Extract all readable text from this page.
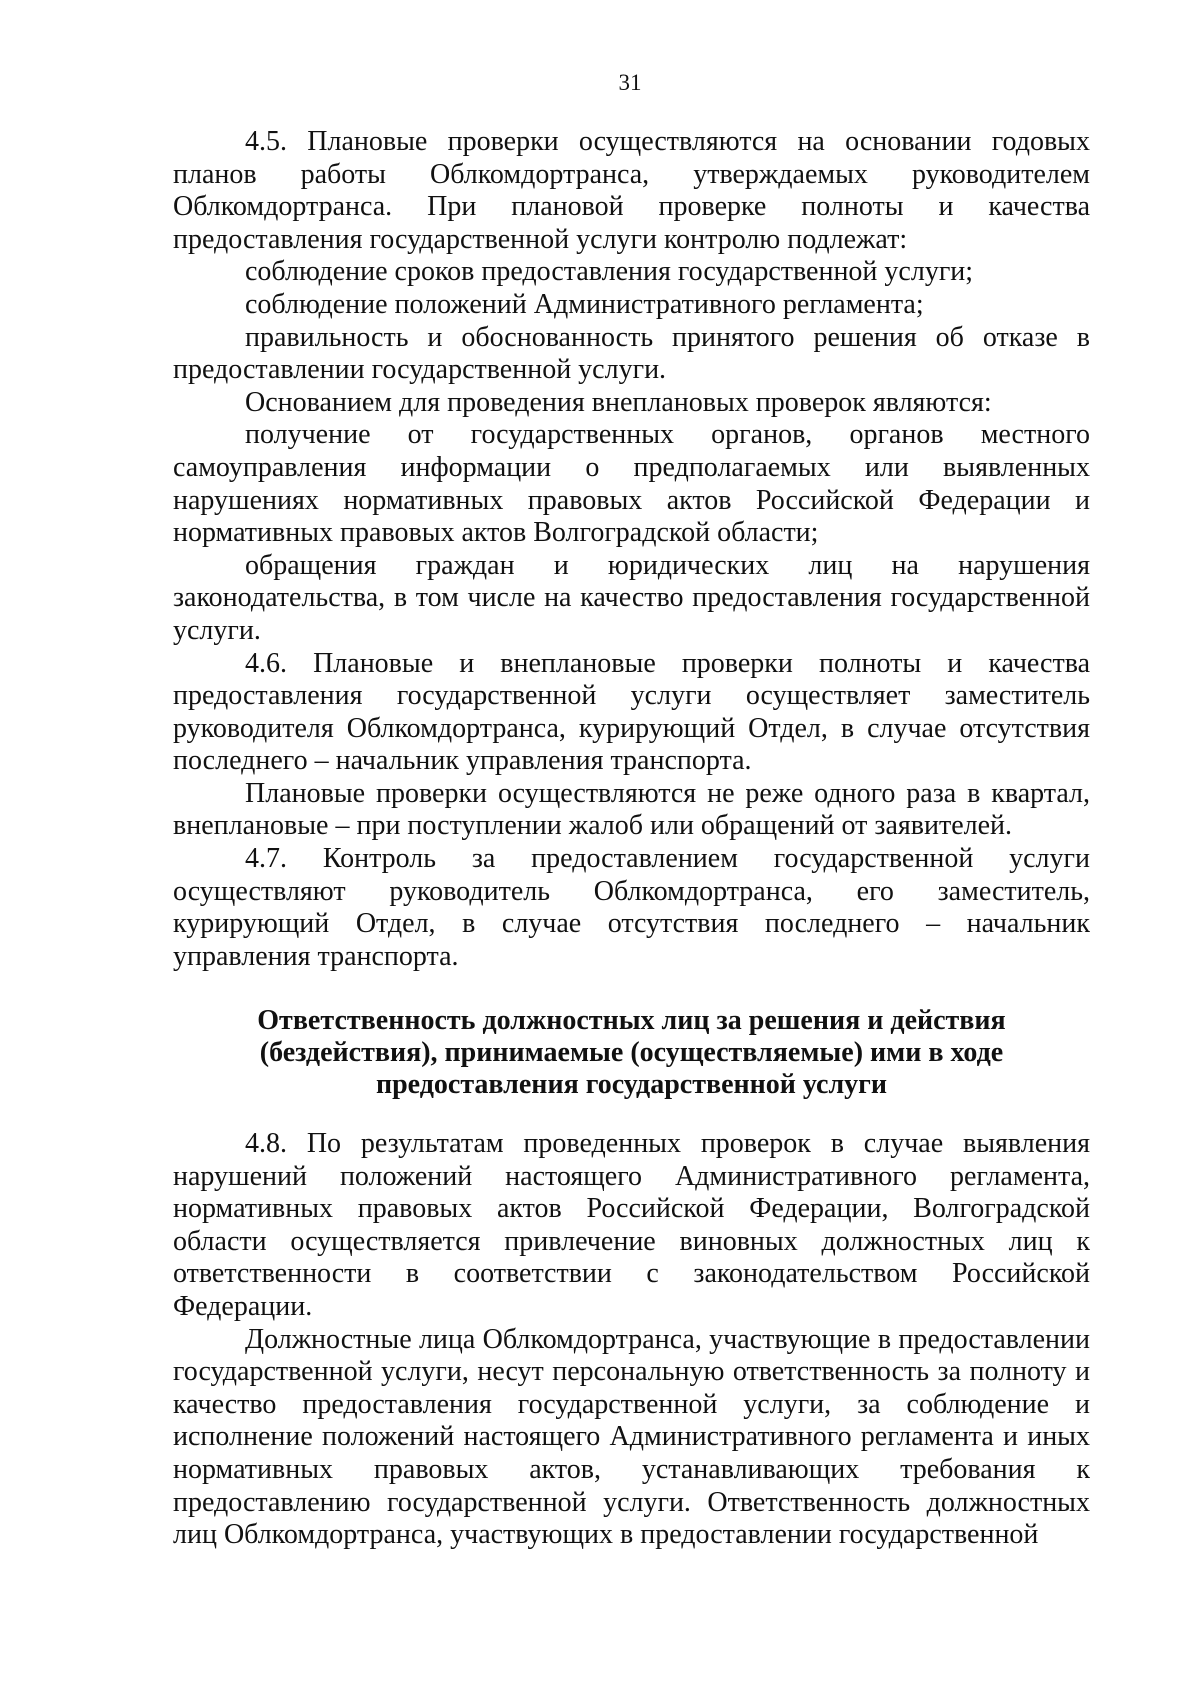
31

4.5. Плановые проверки осуществляются на основании годовых планов работы Облкомдортранса, утверждаемых руководителем Облкомдортранса. При плановой проверке полноты и качества предоставления государственной услуги контролю подлежат:

соблюдение сроков предоставления государственной услуги;

соблюдение положений Административного регламента;

правильность и обоснованность принятого решения об отказе в предоставлении государственной услуги.

Основанием для проведения внеплановых проверок являются:

получение от государственных органов, органов местного самоуправления информации о предполагаемых или выявленных нарушениях нормативных правовых актов Российской Федерации и нормативных правовых актов Волгоградской области;

обращения граждан и юридических лиц на нарушения законодательства, в том числе на качество предоставления государственной услуги.

4.6. Плановые и внеплановые проверки полноты и качества предоставления государственной услуги осуществляет заместитель руководителя Облкомдортранса, курирующий Отдел, в случае отсутствия последнего – начальник управления транспорта.

Плановые проверки осуществляются не реже одного раза в квартал, внеплановые – при поступлении жалоб или обращений от заявителей.

4.7. Контроль за предоставлением государственной услуги осуществляют руководитель Облкомдортранса, его заместитель, курирующий Отдел, в случае отсутствия последнего – начальник управления транспорта.

Ответственность должностных лиц за решения и действия
(бездействия), принимаемые (осуществляемые) ими в ходе
предоставления государственной услуги

4.8. По результатам проведенных проверок в случае выявления нарушений положений настоящего Административного регламента, нормативных правовых актов Российской Федерации, Волгоградской области осуществляется привлечение виновных должностных лиц к ответственности в соответствии с законодательством Российской Федерации.

Должностные лица Облкомдортранса, участвующие в предоставлении государственной услуги, несут персональную ответственность за полноту и качество предоставления государственной услуги, за соблюдение и исполнение положений настоящего Административного регламента и иных нормативных правовых актов, устанавливающих требования к предоставлению государственной услуги. Ответственность должностных лиц Облкомдортранса, участвующих в предоставлении государственной
